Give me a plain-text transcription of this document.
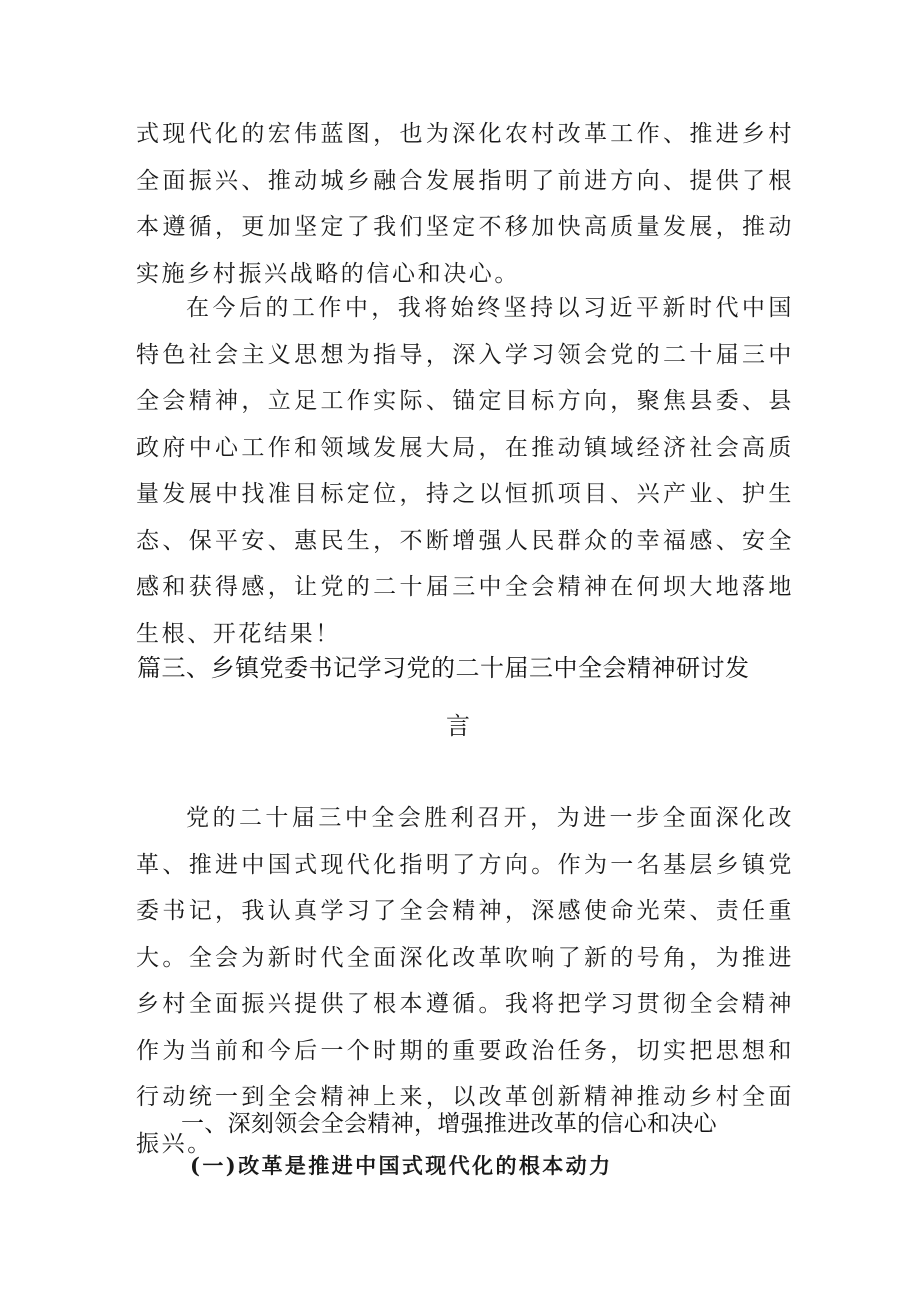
式现代化的宏伟蓝图，也为深化农村改革工作、推进乡村全面振兴、推动城乡融合发展指明了前进方向、提供了根本遵循，更加坚定了我们坚定不移加快高质量发展，推动实施乡村振兴战略的信心和决心。

在今后的工作中，我将始终坚持以习近平新时代中国特色社会主义思想为指导，深入学习领会党的二十届三中全会精神，立足工作实际、锚定目标方向，聚焦县委、县政府中心工作和领域发展大局，在推动镇域经济社会高质量发展中找准目标定位，持之以恒抓项目、兴产业、护生态、保平安、惠民生，不断增强人民群众的幸福感、安全感和获得感，让党的二十届三中全会精神在何坝大地落地生根、开花结果！

篇三、乡镇党委书记学习党的二十届三中全会精神研讨发
言

党的二十届三中全会胜利召开，为进一步全面深化改革、推进中国式现代化指明了方向。作为一名基层乡镇党委书记，我认真学习了全会精神，深感使命光荣、责任重大。全会为新时代全面深化改革吹响了新的号角，为推进乡村全面振兴提供了根本遵循。我将把学习贯彻全会精神作为当前和今后一个时期的重要政治任务，切实把思想和行动统一到全会精神上来，以改革创新精神推动乡村全面振兴。

一、深刻领会全会精神，增强推进改革的信心和决心
(一)改革是推进中国式现代化的根本动力
